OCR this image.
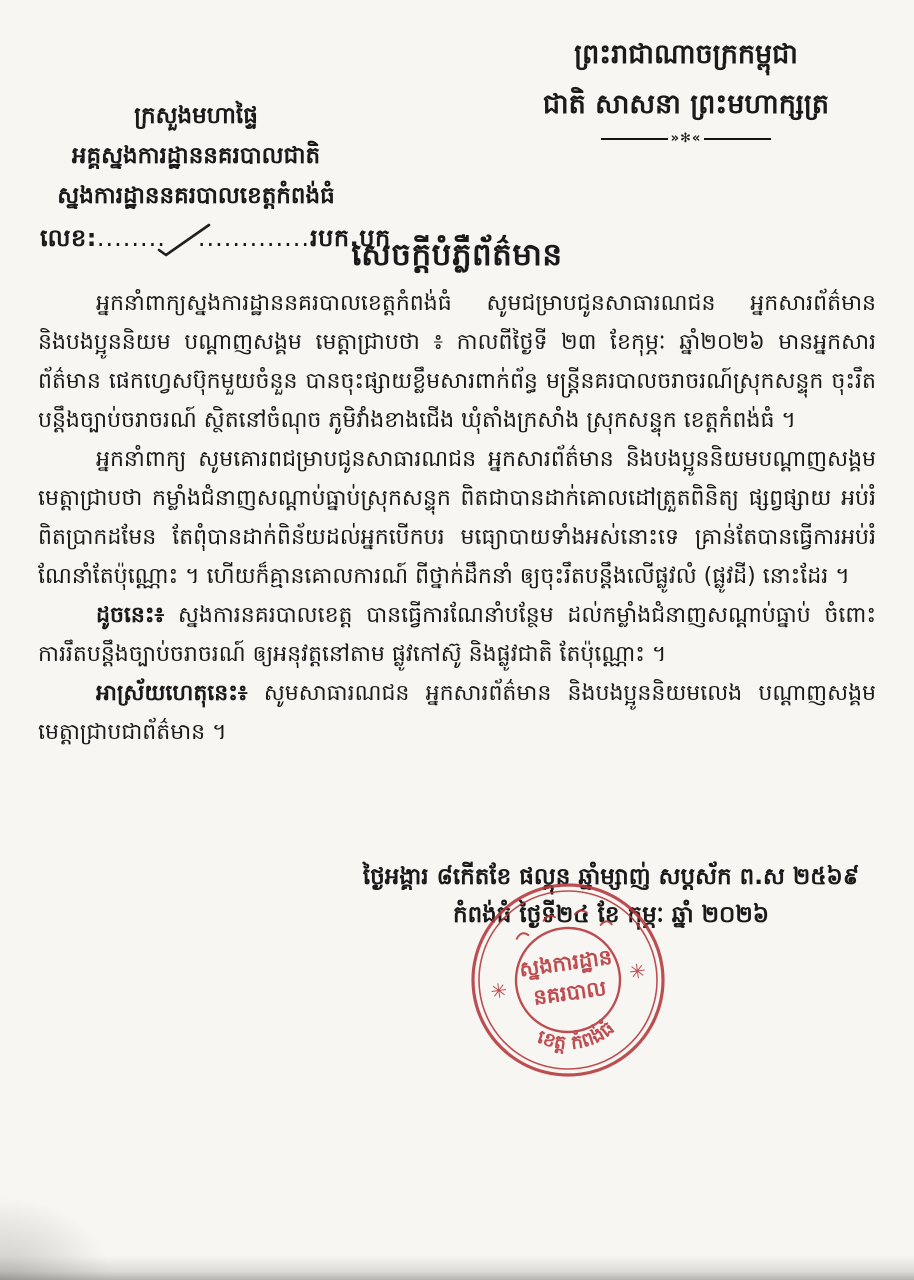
ព្រះរាជាណាចក្រកម្ពុជា
ជាតិ សាសនា ព្រះមហាក្សត្រ
»✻«
ក្រសួងមហាផ្ទៃ
អគ្គស្នងការដ្ឋាននគរបាលជាតិ
ស្នងការដ្ឋាននគរបាលខេត្តកំពង់ធំ
លេខ:........ .............របក.បក
សេចក្តីបំភ្លឺព័ត៌មាន

អ្នកនាំពាក្យស្នងការដ្ឋាននគរបាលខេត្តកំពង់ធំ សូមជម្រាបជូនសាធារណជន អ្នកសារព័ត៌មាន និងបងប្អូននិយម បណ្តាញសង្គម មេត្តាជ្រាបថា ៖ កាលពីថ្ងៃទី ២៣ ខែកុម្ភៈ ឆ្នាំ២០២៦ មានអ្នកសារព័ត៌មាន ផេកហ្វេសប៊ុកមួយចំនួន បានចុះផ្សាយខ្លឹមសារពាក់ព័ន្ធ មន្ត្រីនគរបាលចរាចរណ៍ស្រុកសន្ទុក ចុះរឹតបន្តឹងច្បាប់ចរាចរណ៍ ស្ថិតនៅចំណុច ភូមិវាំងខាងជើង ឃុំតាំងក្រសាំង ស្រុកសន្ទុក ខេត្តកំពង់ធំ ។

អ្នកនាំពាក្យ សូមគោរពជម្រាបជូនសាធារណជន អ្នកសារព័ត៌មាន និងបងប្អូននិយមបណ្តាញសង្គម មេត្តាជ្រាបថា កម្លាំងជំនាញសណ្តាប់ធ្នាប់ស្រុកសន្ទុក ពិតជាបានដាក់គោលដៅត្រួតពិនិត្យ ផ្សព្វផ្សាយ អប់រំ ពិតប្រាកដមែន តែពុំបានដាក់ពិន័យដល់អ្នកបើកបរ មធ្យោបាយទាំងអស់នោះទេ គ្រាន់តែបានធ្វើការអប់រំ ណែនាំតែប៉ុណ្ណោះ ។ ហើយក៏គ្មានគោលការណ៍ ពីថ្នាក់ដឹកនាំ ឲ្យចុះរឹតបន្តឹងលើផ្លូវលំ (ផ្លូវដី) នោះដែរ ។

ដូចនេះ៖ ស្នងការនគរបាលខេត្ត បានធ្វើការណែនាំបន្ថែម ដល់កម្លាំងជំនាញសណ្តាប់ធ្នាប់ ចំពោះការរឹតបន្តឹងច្បាប់ចរាចរណ៍ ឲ្យអនុវត្តនៅតាម ផ្លូវកៅស៊ូ និងផ្លូវជាតិ តែប៉ុណ្ណោះ ។

អាស្រ័យហេតុនេះ៖ សូមសាធារណជន អ្នកសារព័ត៌មាន និងបងប្អូននិយមលេង បណ្តាញសង្គម មេត្តាជ្រាបជាព័ត៌មាន ។

ថ្ងៃអង្គារ ៨កើតខែ ផល្គុន ឆ្នាំម្សាញ់ សប្តស័ក ព.ស ២៥៦៩
កំពង់ធំ ថ្ងៃទី២៤ ខែ កុម្ភៈ ឆ្នាំ ២០២៦
ស្នងការដ្ឋាន
នគរបាល
✳
✳
ខេត្ត កំពង់ធំ
